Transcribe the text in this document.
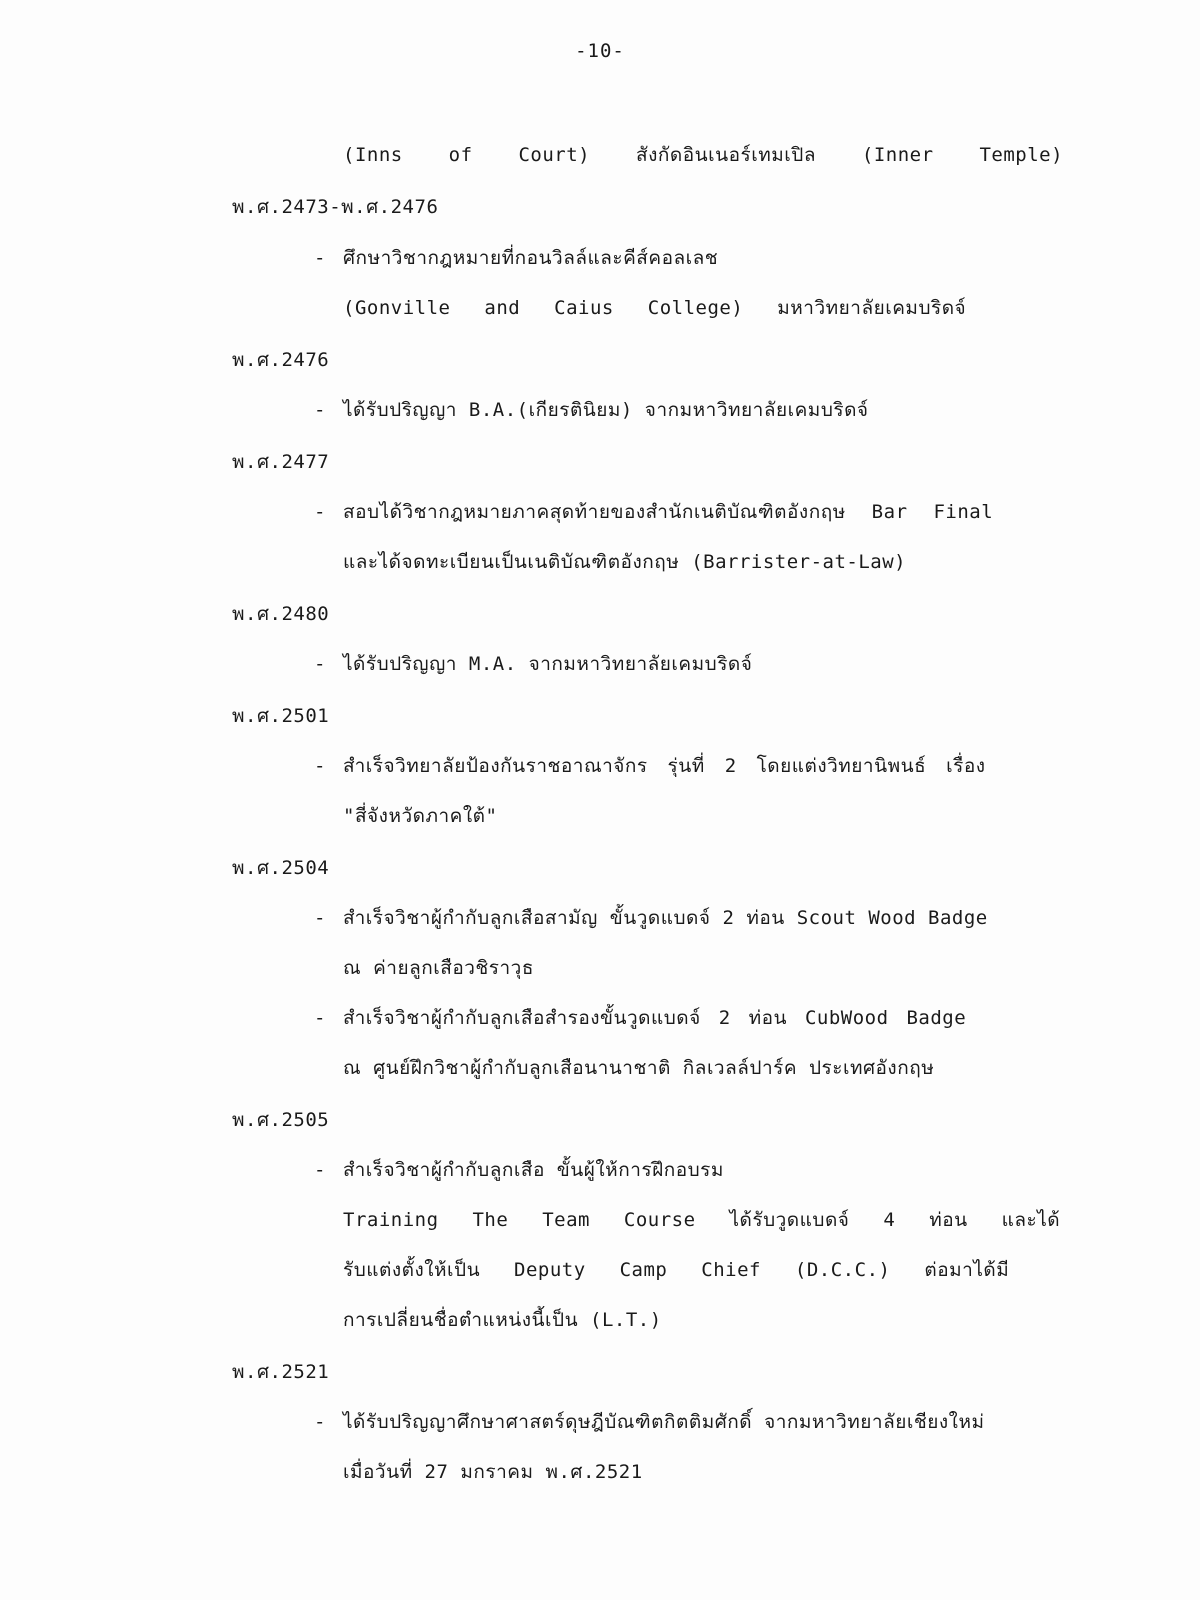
-10-
(Inns of Court) สังกัดอินเนอร์เทมเปิล (Inner Temple)
พ.ศ.2473-พ.ศ.2476
- ศึกษาวิชากฎหมายที่กอนวิลล์และคีส์คอลเลช
(Gonville and Caius College) มหาวิทยาลัยเคมบริดจ์
พ.ศ.2476
- ได้รับปริญญา B.A.(เกียรตินิยม) จากมหาวิทยาลัยเคมบริดจ์
พ.ศ.2477
- สอบได้วิชากฎหมายภาคสุดท้ายของสำนักเนติบัณฑิตอังกฤษ Bar Final
และได้จดทะเบียนเป็นเนติบัณฑิตอังกฤษ (Barrister-at-Law)
พ.ศ.2480
- ได้รับปริญญา M.A. จากมหาวิทยาลัยเคมบริดจ์
พ.ศ.2501
- สำเร็จวิทยาลัยป้องกันราชอาณาจักร รุ่นที่ 2 โดยแต่งวิทยานิพนธ์ เรื่อง
"สี่จังหวัดภาคใต้"
พ.ศ.2504
- สำเร็จวิชาผู้กำกับลูกเสือสามัญ ขั้นวูดแบดจ์ 2 ท่อน Scout Wood Badge
ณ ค่ายลูกเสือวชิราวุธ
- สำเร็จวิชาผู้กำกับลูกเสือสำรองขั้นวูดแบดจ์ 2 ท่อน CubWood Badge
ณ ศูนย์ฝึกวิชาผู้กำกับลูกเสือนานาชาติ กิลเวลล์ปาร์ค ประเทศอังกฤษ
พ.ศ.2505
- สำเร็จวิชาผู้กำกับลูกเสือ ขั้นผู้ให้การฝึกอบรม
Training The Team Course ได้รับวูดแบดจ์ 4 ท่อน และได้
รับแต่งตั้งให้เป็น Deputy Camp Chief (D.C.C.) ต่อมาได้มี
การเปลี่ยนชื่อตำแหน่งนี้เป็น (L.T.)
พ.ศ.2521
- ได้รับปริญญาศึกษาศาสตร์ดุษฎีบัณฑิตกิตติมศักดิ์ จากมหาวิทยาลัยเชียงใหม่
เมื่อวันที่ 27 มกราคม พ.ศ.2521
